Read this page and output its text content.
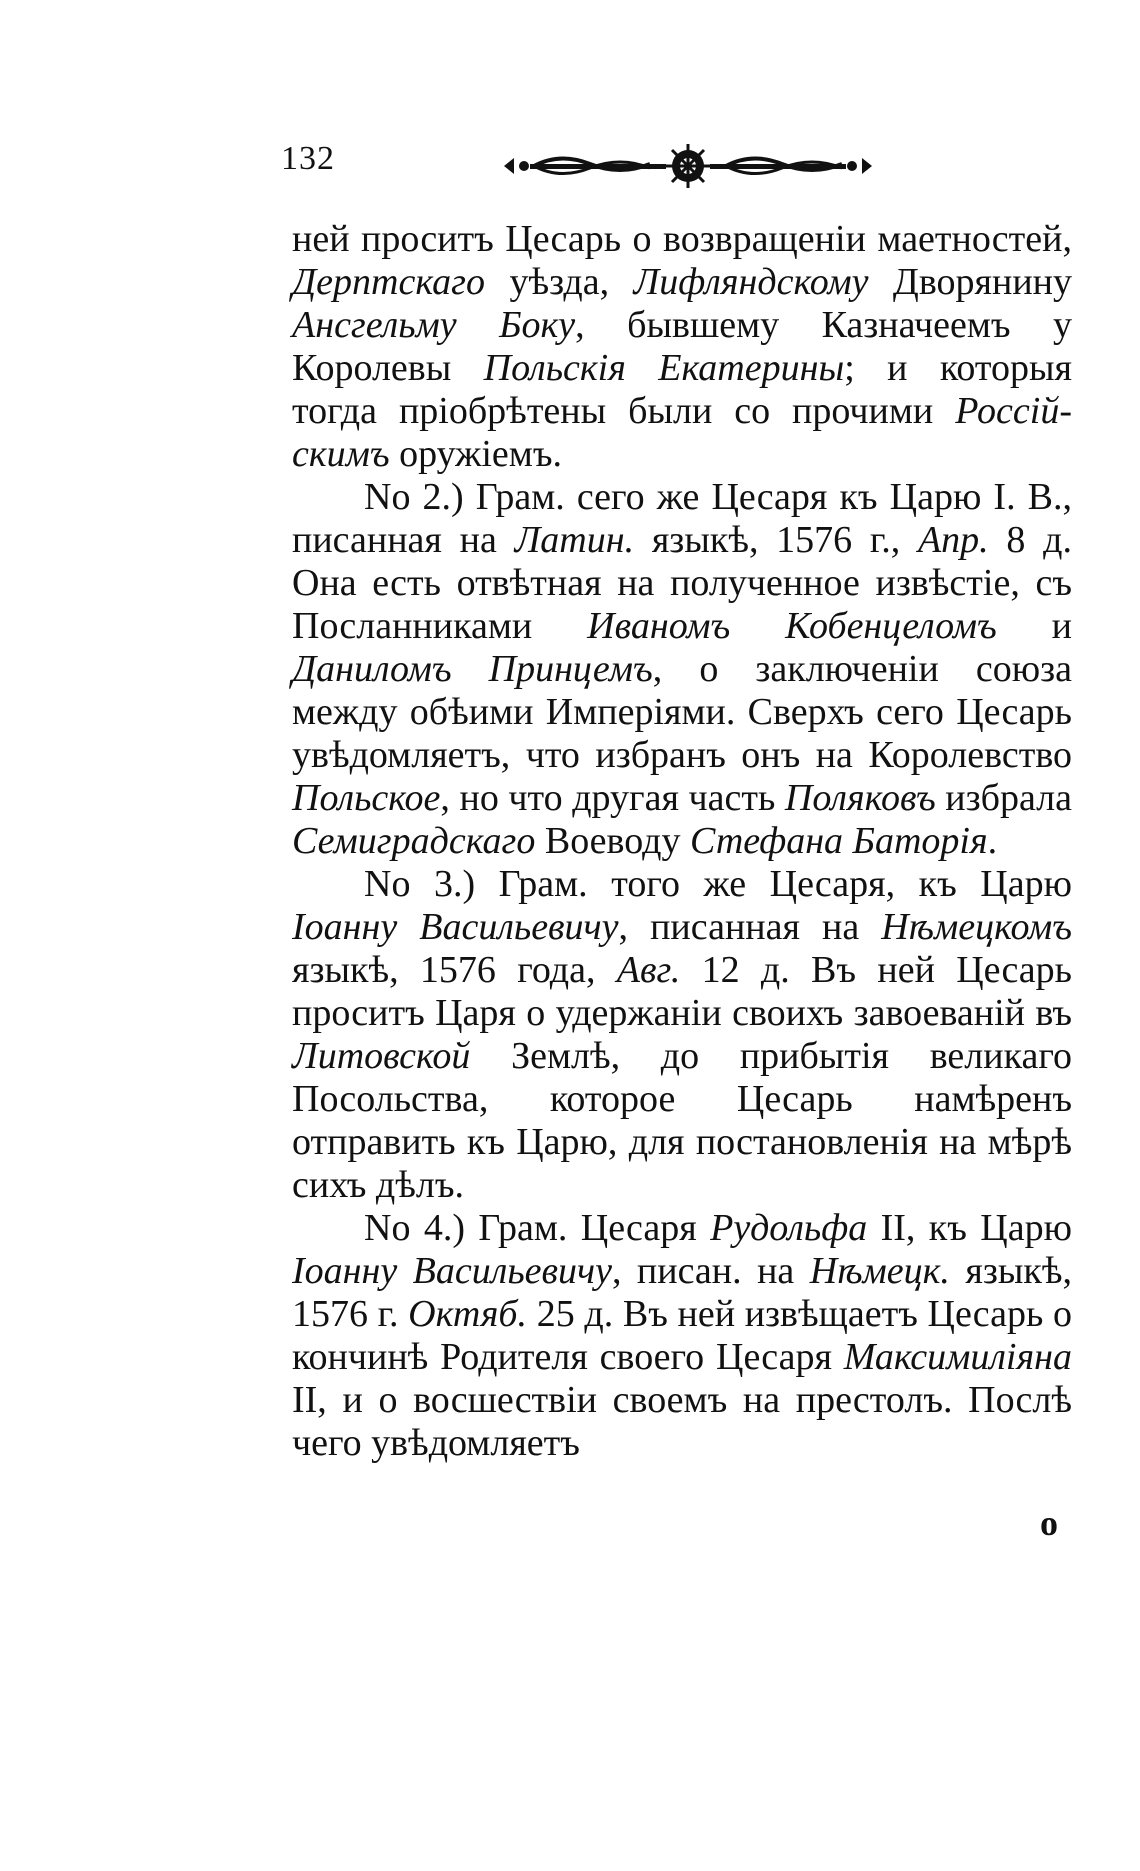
132

ней проситъ Цесарь о возвращенiи маетностей, Дерптскаго уѣзда, Лифляндскому Дворянину Ансгельму Боку, бывшему Казначеемъ у Королевы Польскiя Екатерины; и которыя тогда прiобрѣтены были со прочими Россiйскимъ оружiемъ.

No 2.) Грам. сего же Цесаря къ Царю I. В., писанная на Латин. языкѣ, 1576 г., Апр. 8 д. Она есть отвѣтная на полученное извѣстiе, съ Посланниками Иваномъ Кобенцеломъ и Даниломъ Принцемъ, о заключенiи союза между обѣими Имперiями. Сверхъ сего Цесарь увѣдомляетъ, что избранъ онъ на Королевство Польское, но что другая часть Поляковъ избрала Семиградскаго Воеводу Стефана Баторiя.

No 3.) Грам. того же Цесаря, къ Царю Iоанну Васильевичу, писанная на Нѣмецкомъ языкѣ, 1576 года, Авг. 12 д. Въ ней Цесарь проситъ Царя о удержанiи своихъ завоеванiй въ Литовской Землѣ, до прибытiя великаго Посольства, которое Цесарь намѣренъ отправить къ Царю, для постановленiя на мѣрѣ сихъ дѣлъ.

No 4.) Грам. Цесаря Рудольфа II, къ Царю Iоанну Васильевичу, писан. на Нѣмецк. языкѣ, 1576 г. Октяб. 25 д. Въ ней извѣщаетъ Цесарь о кончинѣ Родителя своего Цесаря Максимилiяна II, и о восшествiи своемъ на престолъ. Послѣ чего увѣдомляетъ

о
